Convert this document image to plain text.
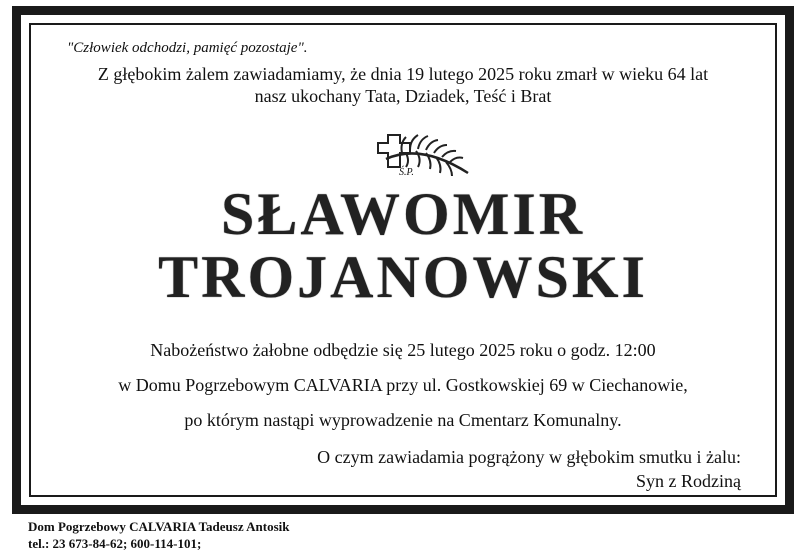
"Człowiek odchodzi, pamięć pozostaje".
Z głębokim żalem zawiadamiamy, że dnia 19 lutego 2025 roku zmarł w wieku 64 lat
nasz ukochany Tata, Dziadek, Teść i Brat
Ś.P.
SŁAWOMIR
TROJANOWSKI
Nabożeństwo żałobne odbędzie się 25 lutego 2025 roku o godz. 12:00
w Domu Pogrzebowym CALVARIA przy ul. Gostkowskiej 69 w Ciechanowie,
po którym nastąpi wyprowadzenie na Cmentarz Komunalny.
O czym zawiadamia pogrążony w głębokim smutku i żalu:
Syn z Rodziną
Dom Pogrzebowy CALVARIA Tadeusz Antosik
tel.: 23 673-84-62; 600-114-101;
